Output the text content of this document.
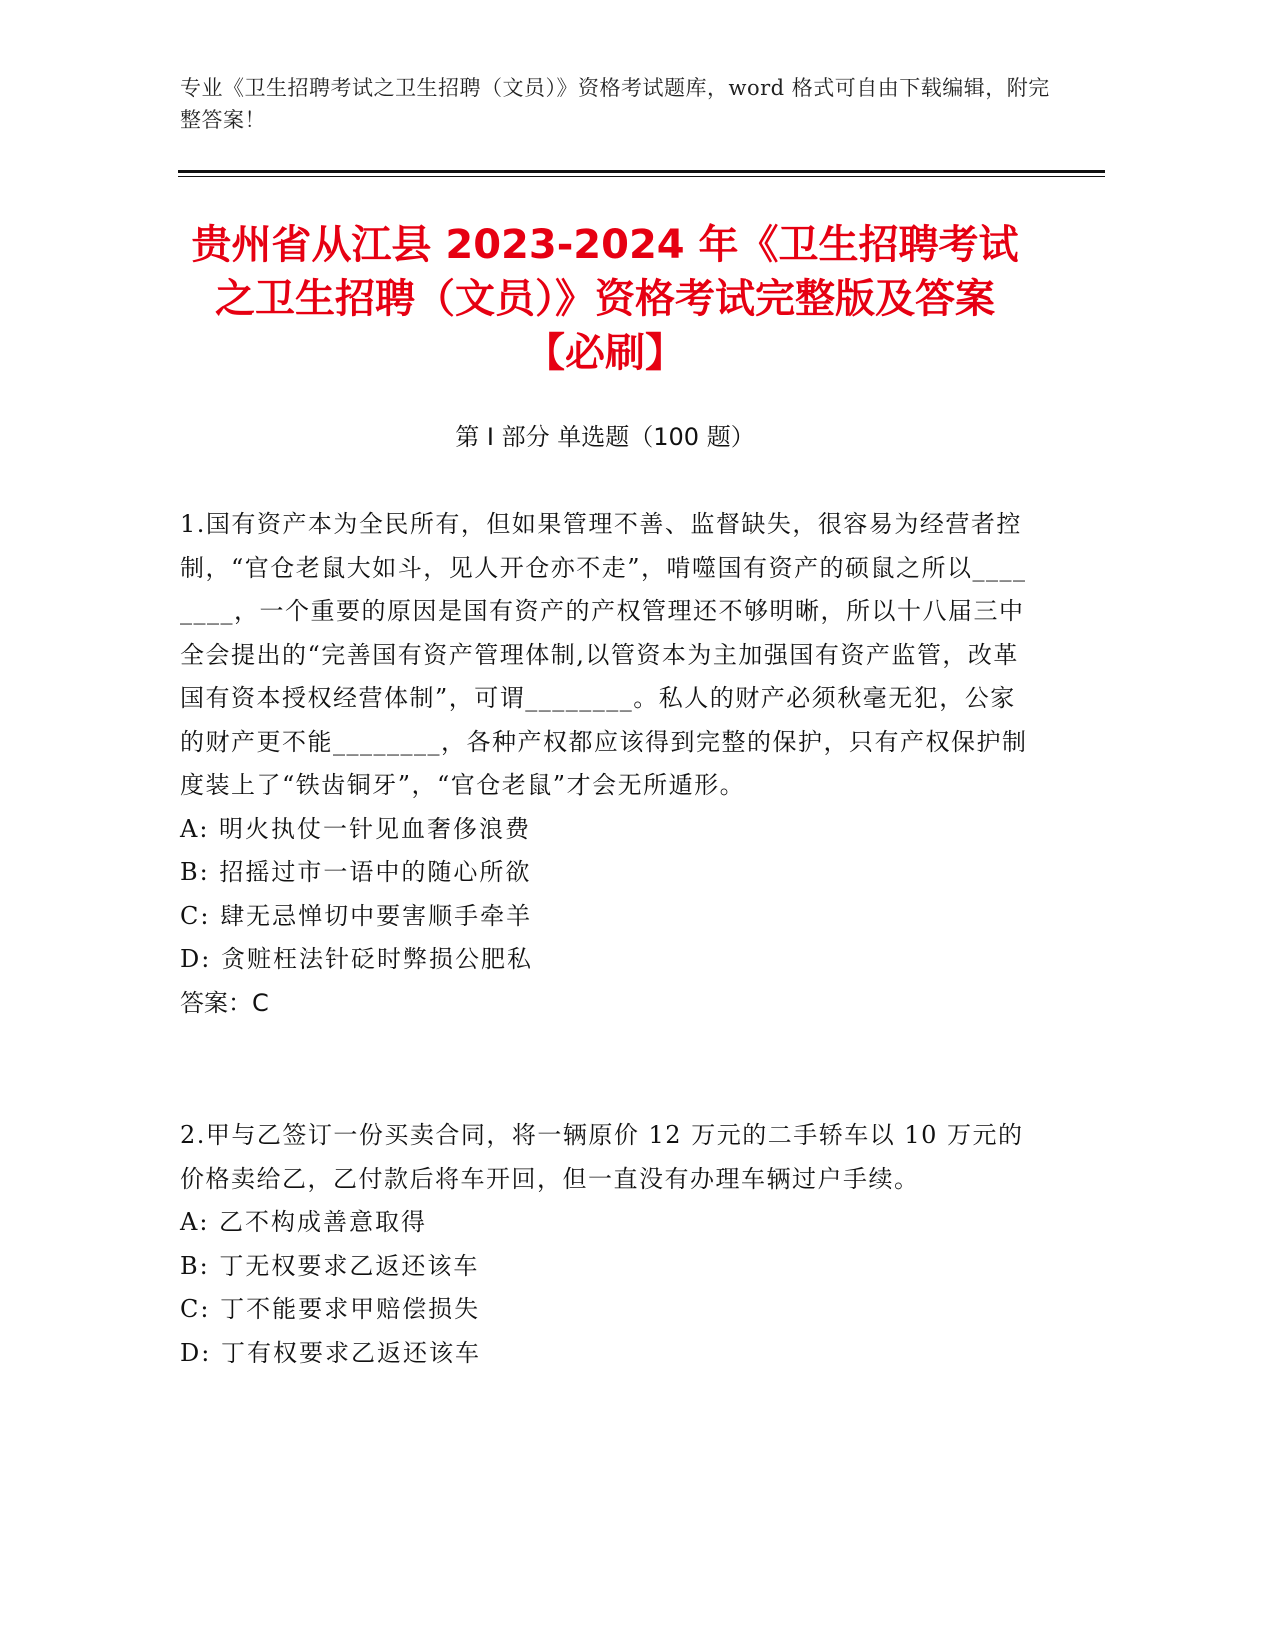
专业《卫生招聘考试之卫生招聘（文员）》资格考试题库，word 格式可自由下载编辑，附完整答案！
贵州省从江县 2023-2024 年《卫生招聘考试之卫生招聘（文员）》资格考试完整版及答案【必刷】
第 I 部分 单选题（100 题）

1.国有资产本为全民所有，但如果管理不善、监督缺失，很容易为经营者控制，“官仓老鼠大如斗，见人开仓亦不走”，啃噬国有资产的硕鼠之所以________，一个重要的原因是国有资产的产权管理还不够明晰，所以十八届三中全会提出的“完善国有资产管理体制,以管资本为主加强国有资产监管，改革国有资本授权经营体制”，可谓________。私人的财产必须秋毫无犯，公家的财产更不能________，各种产权都应该得到完整的保护，只有产权保护制度装上了“铁齿铜牙”，“官仓老鼠”才会无所遁形。

A: 明火执仗一针见血奢侈浪费

B: 招摇过市一语中的随心所欲

C: 肆无忌惮切中要害顺手牵羊

D: 贪赃枉法针砭时弊损公肥私

答案：C

2.甲与乙签订一份买卖合同，将一辆原价 12 万元的二手轿车以 10 万元的价格卖给乙，乙付款后将车开回，但一直没有办理车辆过户手续。

A: 乙不构成善意取得

B: 丁无权要求乙返还该车

C: 丁不能要求甲赔偿损失

D: 丁有权要求乙返还该车
